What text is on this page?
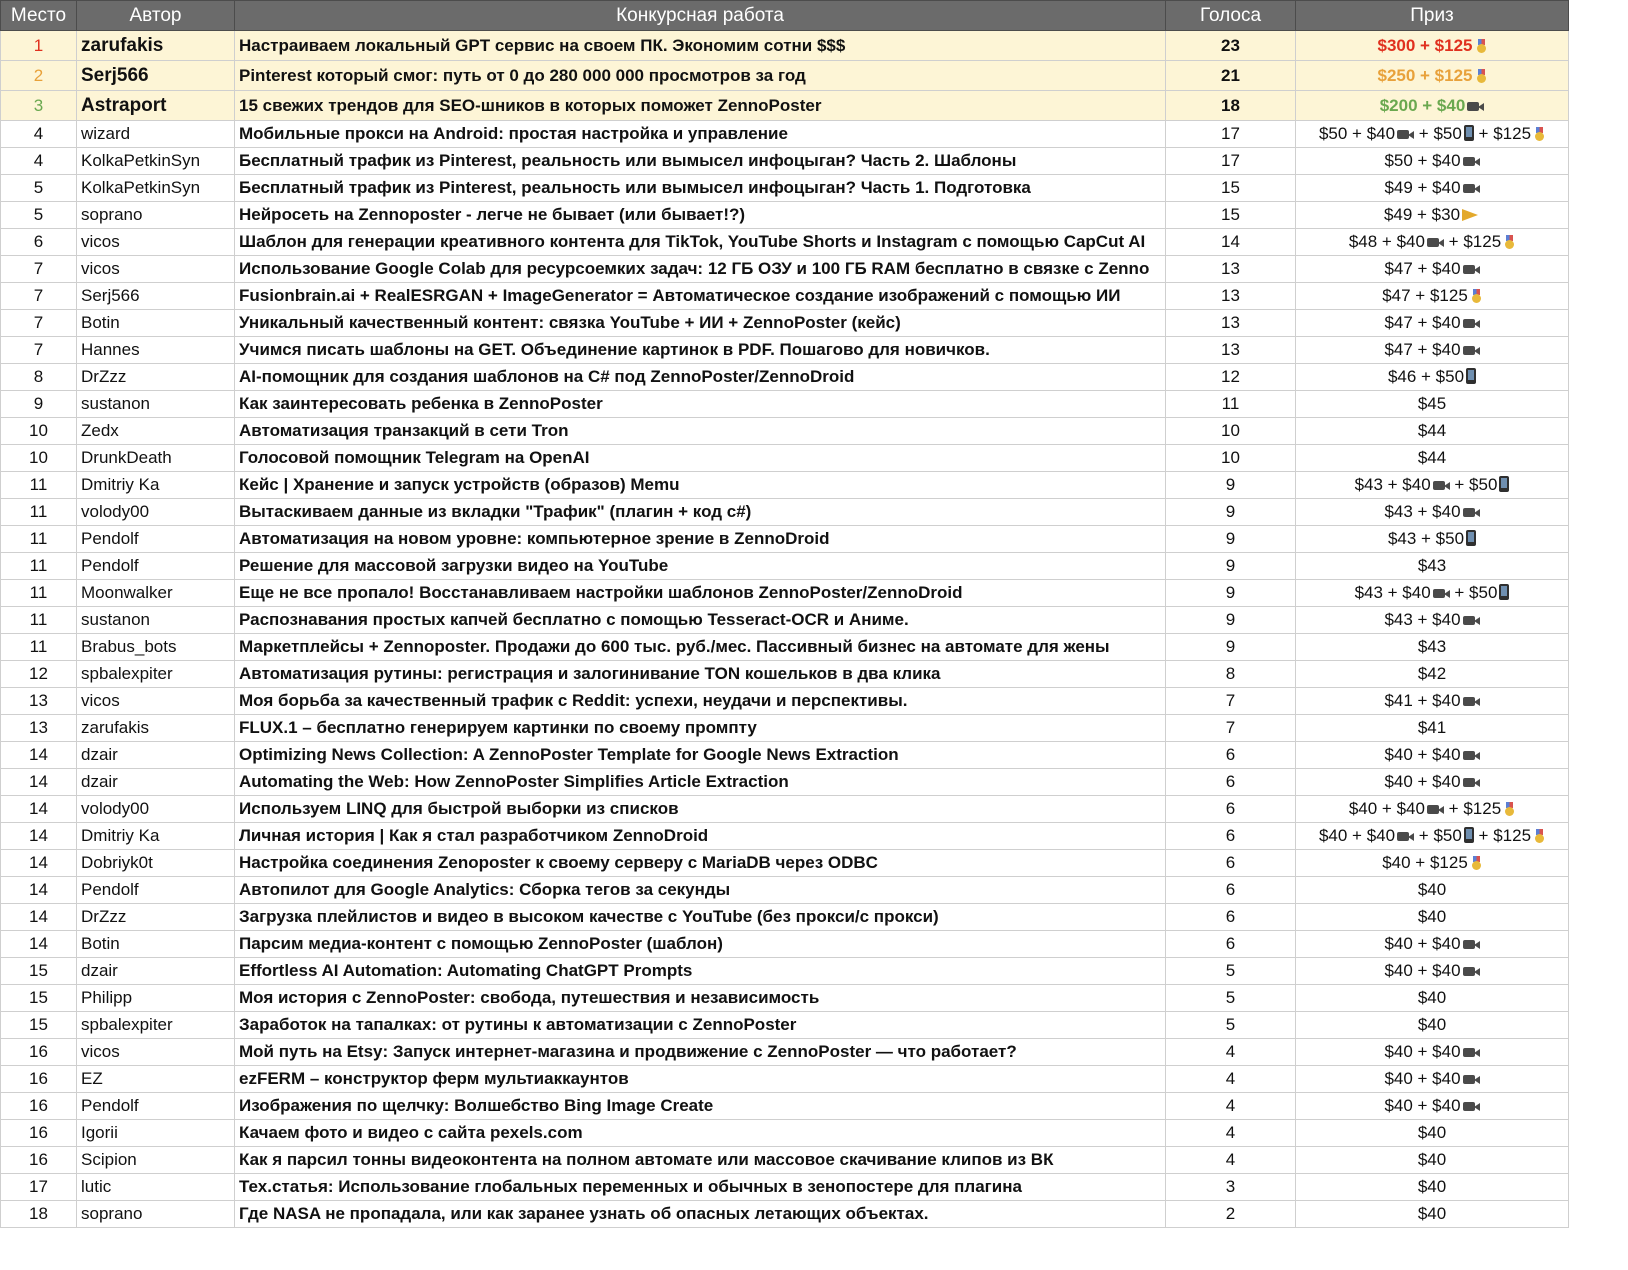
Место	Автор	Конкурсная работа	Голоса	Приз
1	zarufakis	Настраиваем локальный GPT сервис на своем ПК. Экономим сотни $$$	23	$300 + $125
2	Serj566	Pinterest который смог: путь от 0 до 280 000 000 просмотров за год	21	$250 + $125
3	Astraport	15 свежих трендов для SEO-шников в которых поможет ZennoPoster	18	$200 + $40
4	wizard	Мобильные прокси на Android: простая настройка и управление	17	$50 + $40 + $50 + $125
4	KolkaPetkinSyn	Бесплатный трафик из Pinterest, реальность или вымысел инфоцыган? Часть 2. Шаблоны	17	$50 + $40
5	KolkaPetkinSyn	Бесплатный трафик из Pinterest, реальность или вымысел инфоцыган? Часть 1. Подготовка	15	$49 + $40
5	soprano	Нейросеть на Zennoposter - легче не бывает (или бывает!?)	15	$49 + $30
6	vicos	Шаблон для генерации креативного контента для TikTok, YouTube Shorts и Instagram с помощью CapCut AI	14	$48 + $40 + $125
7	vicos	Использование Google Colab для ресурсоемких задач: 12 ГБ ОЗУ и 100 ГБ RAM бесплатно в связке с Zenno	13	$47 + $40
7	Serj566	Fusionbrain.ai + RealESRGAN + ImageGenerator = Автоматическое создание изображений с помощью ИИ	13	$47 + $125
7	Botin	Уникальный качественный контент: связка YouTube + ИИ + ZennoPoster (кейс)	13	$47 + $40
7	Hannes	Учимся писать шаблоны на GET. Объединение картинок в PDF. Пошагово для новичков.	13	$47 + $40
8	DrZzz	AI-помощник для создания шаблонов на C# под ZennoPoster/ZennoDroid	12	$46 + $50
9	sustanon	Как заинтересовать ребенка в ZennoPoster	11	$45
10	Zedx	Автоматизация транзакций в сети Tron	10	$44
10	DrunkDeath	Голосовой помощник Telegram на OpenAI	10	$44
11	Dmitriy Ka	Кейс | Хранение и запуск устройств (образов) Memu	9	$43 + $40 + $50
11	volody00	Вытаскиваем данные из вкладки "Трафик" (плагин + код c#)	9	$43 + $40
11	Pendolf	Автоматизация на новом уровне: компьютерное зрение в ZennoDroid	9	$43 + $50
11	Pendolf	Решение для массовой загрузки видео на YouTube	9	$43
11	Moonwalker	Еще не все пропало! Восстанавливаем настройки шаблонов ZennoPoster/ZennoDroid	9	$43 + $40 + $50
11	sustanon	Распознавания простых капчей бесплатно с помощью Tesseract-OCR и Аниме.	9	$43 + $40
11	Brabus_bots	Маркетплейсы + Zennoposter. Продажи до 600 тыс. руб./мес. Пассивный бизнес на автомате для жены	9	$43
12	spbalexpiter	Автоматизация рутины: регистрация и залогинивание TON кошельков в два клика	8	$42
13	vicos	Моя борьба за качественный трафик с Reddit: успехи, неудачи и перспективы.	7	$41 + $40
13	zarufakis	FLUX.1 – бесплатно генерируем картинки по своему промпту	7	$41
14	dzair	Optimizing News Collection: A ZennoPoster Template for Google News Extraction	6	$40 + $40
14	dzair	Automating the Web: How ZennoPoster Simplifies Article Extraction	6	$40 + $40
14	volody00	Используем LINQ для быстрой выборки из списков	6	$40 + $40 + $125
14	Dmitriy Ka	Личная история | Как я стал разработчиком ZennoDroid	6	$40 + $40 + $50 + $125
14	Dobriyk0t	Настройка соединения Zenoposter к своему серверу с MariaDB через ODBC	6	$40 + $125
14	Pendolf	Автопилот для Google Analytics: Сборка тегов за секунды	6	$40
14	DrZzz	Загрузка плейлистов и видео в высоком качестве с YouTube (без прокси/с прокси)	6	$40
14	Botin	Парсим медиа-контент с помощью ZennoPoster (шаблон)	6	$40 + $40
15	dzair	Effortless AI Automation: Automating ChatGPT Prompts	5	$40 + $40
15	Philipp	Моя история с ZennoPoster: свобода, путешествия и независимость	5	$40
15	spbalexpiter	Заработок на тапалках: от рутины к автоматизации с ZennoPoster	5	$40
16	vicos	Мой путь на Etsy: Запуск интернет-магазина и продвижение с ZennoPoster — что работает?	4	$40 + $40
16	EZ	ezFERM – конструктор ферм мультиаккаунтов	4	$40 + $40
16	Pendolf	Изображения по щелчку: Волшебство Bing Image Create	4	$40 + $40
16	Igorii	Качаем фото и видео с сайта pexels.com	4	$40
16	Scipion	Как я парсил тонны видеоконтента на полном автомате или массовое скачивание клипов из ВК	4	$40
17	lutic	Тех.статья: Использование глобальных переменных и обычных в зенопостере для плагина	3	$40
18	soprano	Где NASA не пропадала, или как заранее узнать об опасных летающих объектах.	2	$40
